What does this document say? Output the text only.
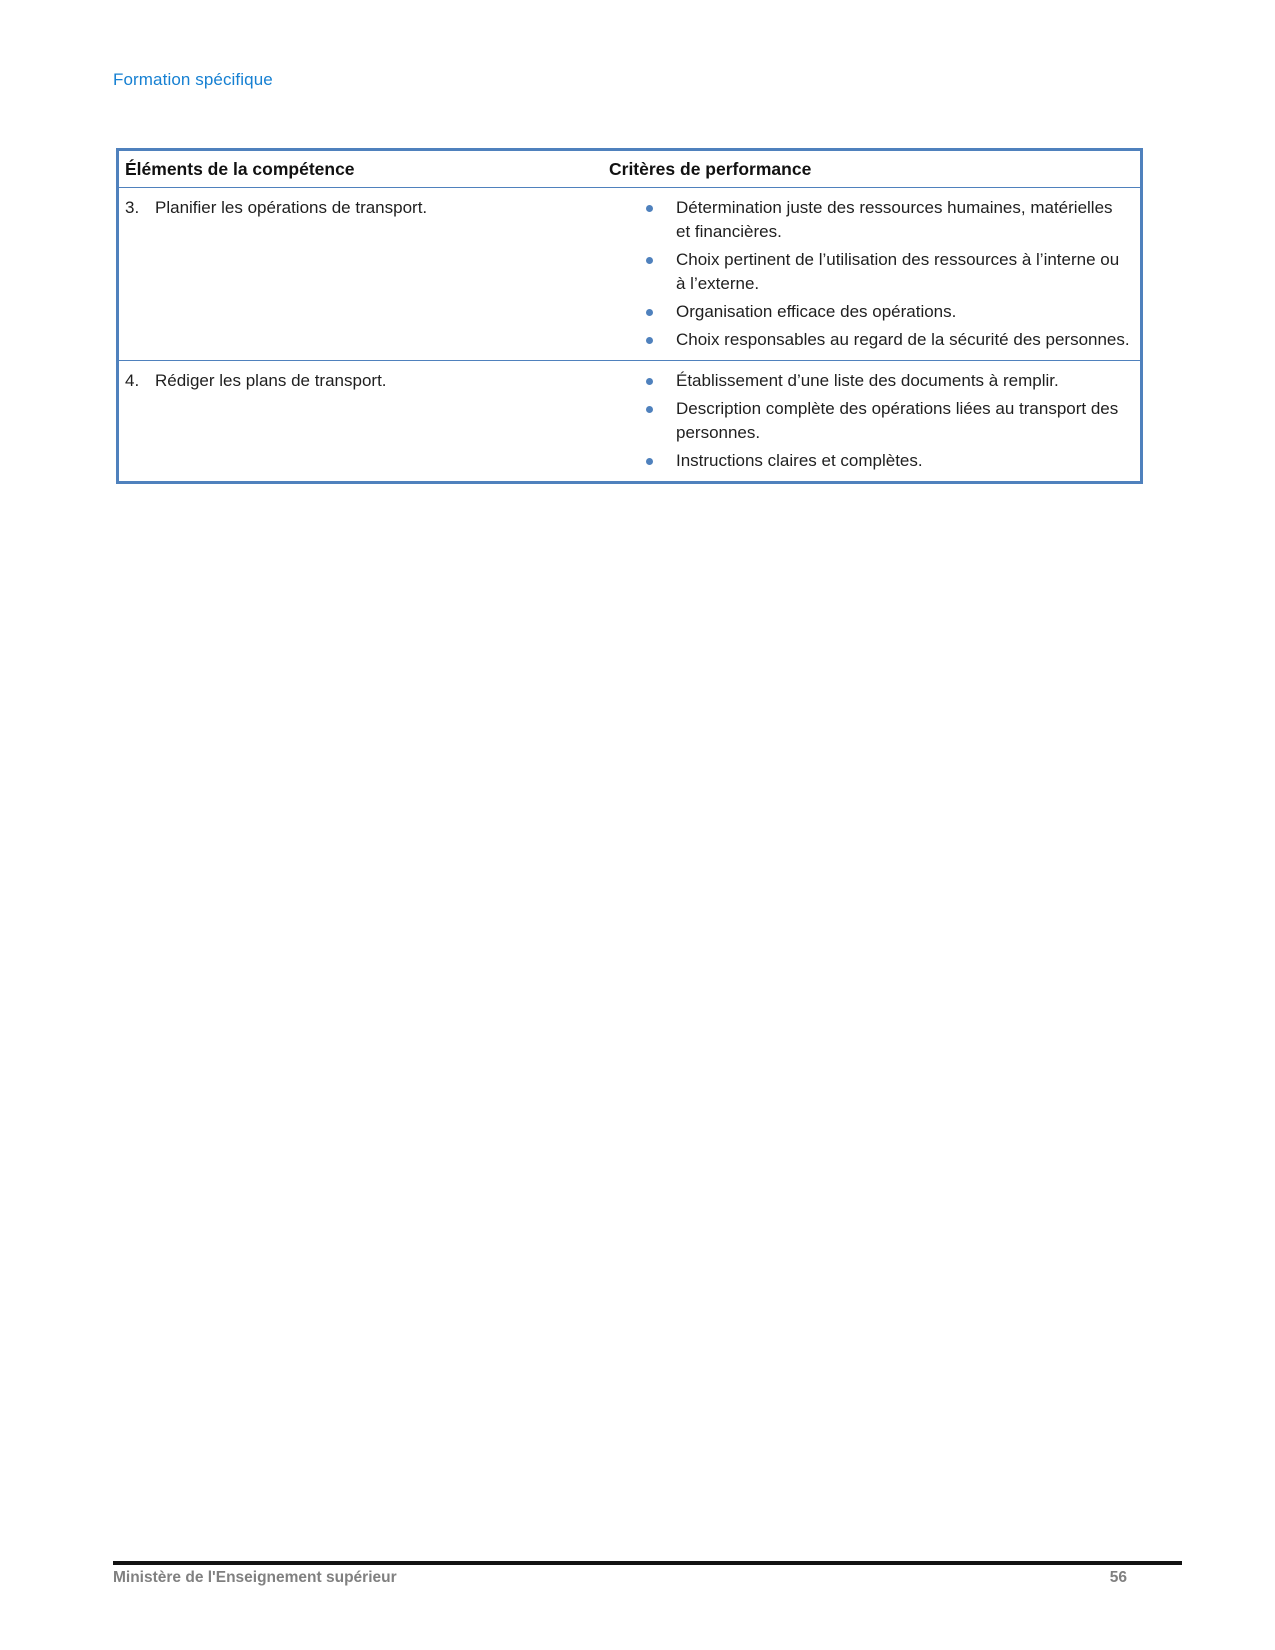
Formation spécifique
Éléments de la compétence	Critères de performance
3. Planifier les opérations de transport.	Détermination juste des ressources humaines, matérielles et financières.
Choix pertinent de l’utilisation des ressources à l’interne ou à l’externe.
Organisation efficace des opérations.
Choix responsables au regard de la sécurité des personnes.
4. Rédiger les plans de transport.	Établissement d’une liste des documents à remplir.
Description complète des opérations liées au transport des personnes.
Instructions claires et complètes.
Ministère de l'Enseignement supérieur	56
